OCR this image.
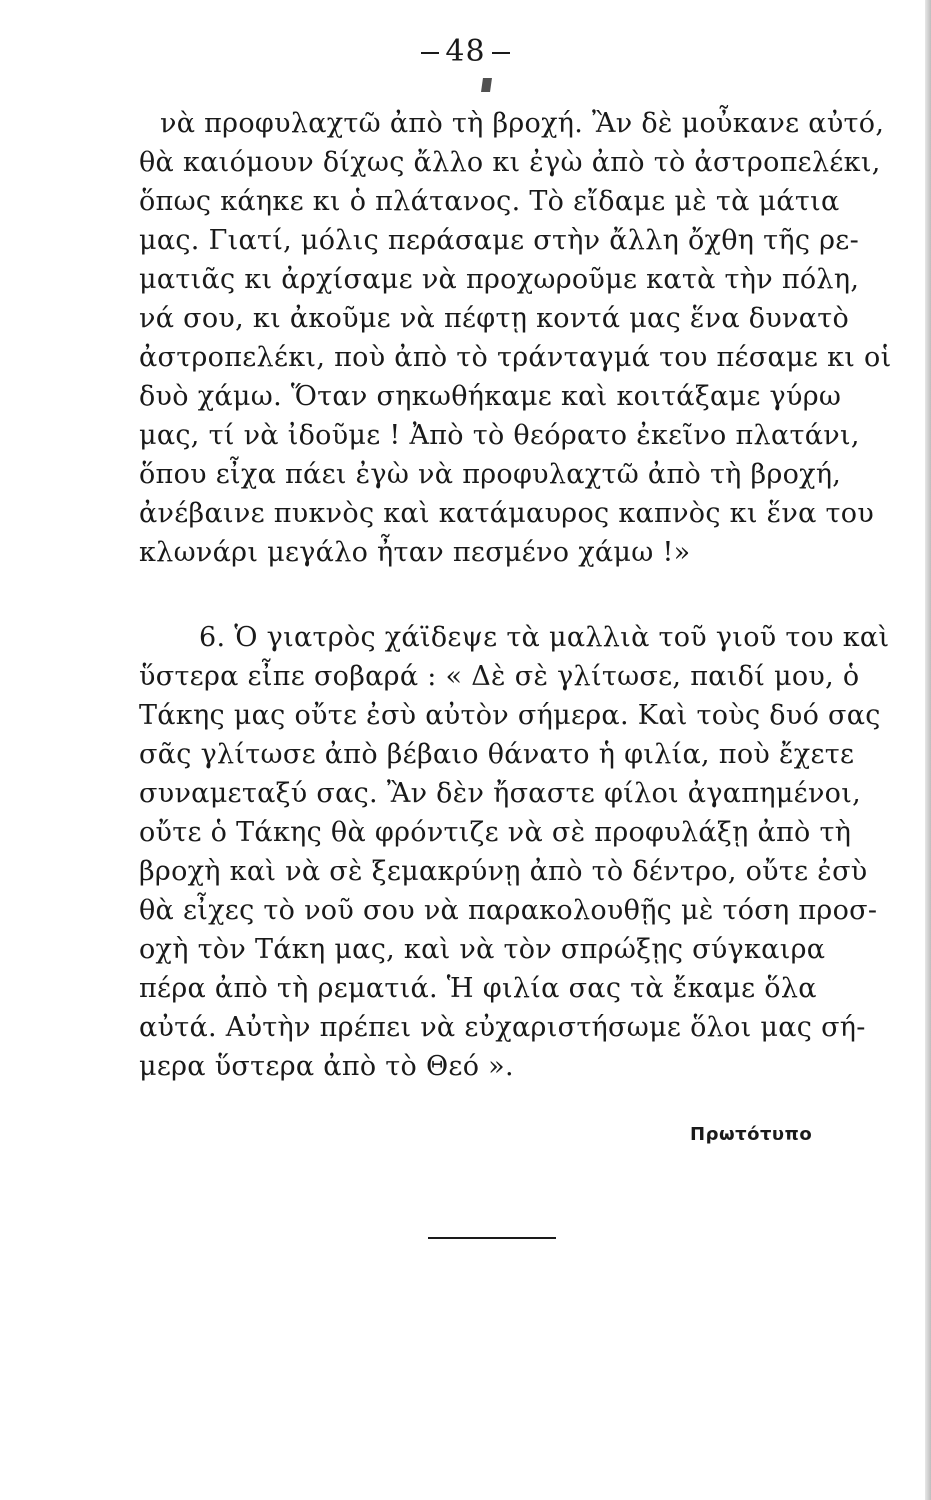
48
νὰ προφυλαχτῶ ἀπὸ τὴ βροχή. Ἂν δὲ μοὖκανε αὐτό,
θὰ καιόμουν δίχως ἄλλο κι ἐγὼ ἀπὸ τὸ ἀστροπελέκι,
ὅπως κάηκε κι ὁ πλάτανος. Τὸ εἴδαμε μὲ τὰ μάτια
μας. Γιατί, μόλις περάσαμε στὴν ἄλλη ὄχθη τῆς ρε-
ματιᾶς κι ἀρχίσαμε νὰ προχωροῦμε κατὰ τὴν πόλη,
νά σου, κι ἀκοῦμε νὰ πέφτῃ κοντά μας ἕνα δυνατὸ
ἀστροπελέκι, ποὺ ἀπὸ τὸ τράνταγμά του πέσαμε κι οἱ
δυὸ χάμω. Ὅταν σηκωθήκαμε καὶ κοιτάξαμε γύρω
μας, τί νὰ ἰδοῦμε ! Ἀπὸ τὸ θεόρατο ἐκεῖνο πλατάνι,
ὅπου εἶχα πάει ἐγὼ νὰ προφυλαχτῶ ἀπὸ τὴ βροχή,
ἀνέβαινε πυκνὸς καὶ κατάμαυρος καπνὸς κι ἕνα του
κλωνάρι μεγάλο ἦταν πεσμένο χάμω !»
6. Ὁ γιατρὸς χάϊδεψε τὰ μαλλιὰ τοῦ γιοῦ του καὶ
ὕστερα εἶπε σοβαρά : « Δὲ σὲ γλίτωσε, παιδί μου, ὁ
Τάκης μας οὔτε ἐσὺ αὐτὸν σήμερα. Καὶ τοὺς δυό σας
σᾶς γλίτωσε ἀπὸ βέβαιο θάνατο ἡ φιλία, ποὺ ἔχετε
συναμεταξύ σας. Ἂν δὲν ἤσαστε φίλοι ἀγαπημένοι,
οὔτε ὁ Τάκης θὰ φρόντιζε νὰ σὲ προφυλάξῃ ἀπὸ τὴ
βροχὴ καὶ νὰ σὲ ξεμακρύνῃ ἀπὸ τὸ δέντρο, οὔτε ἐσὺ
θὰ εἶχες τὸ νοῦ σου νὰ παρακολουθῇς μὲ τόση προσ-
οχὴ τὸν Τάκη μας, καὶ νὰ τὸν σπρώξῃς σύγκαιρα
πέρα ἀπὸ τὴ ρεματιά. Ἡ φιλία σας τὰ ἔκαμε ὅλα
αὐτά. Αὐτὴν πρέπει νὰ εὐχαριστήσωμε ὅλοι μας σή-
μερα ὕστερα ἀπὸ τὸ Θεό ».
Πρωτότυπο
